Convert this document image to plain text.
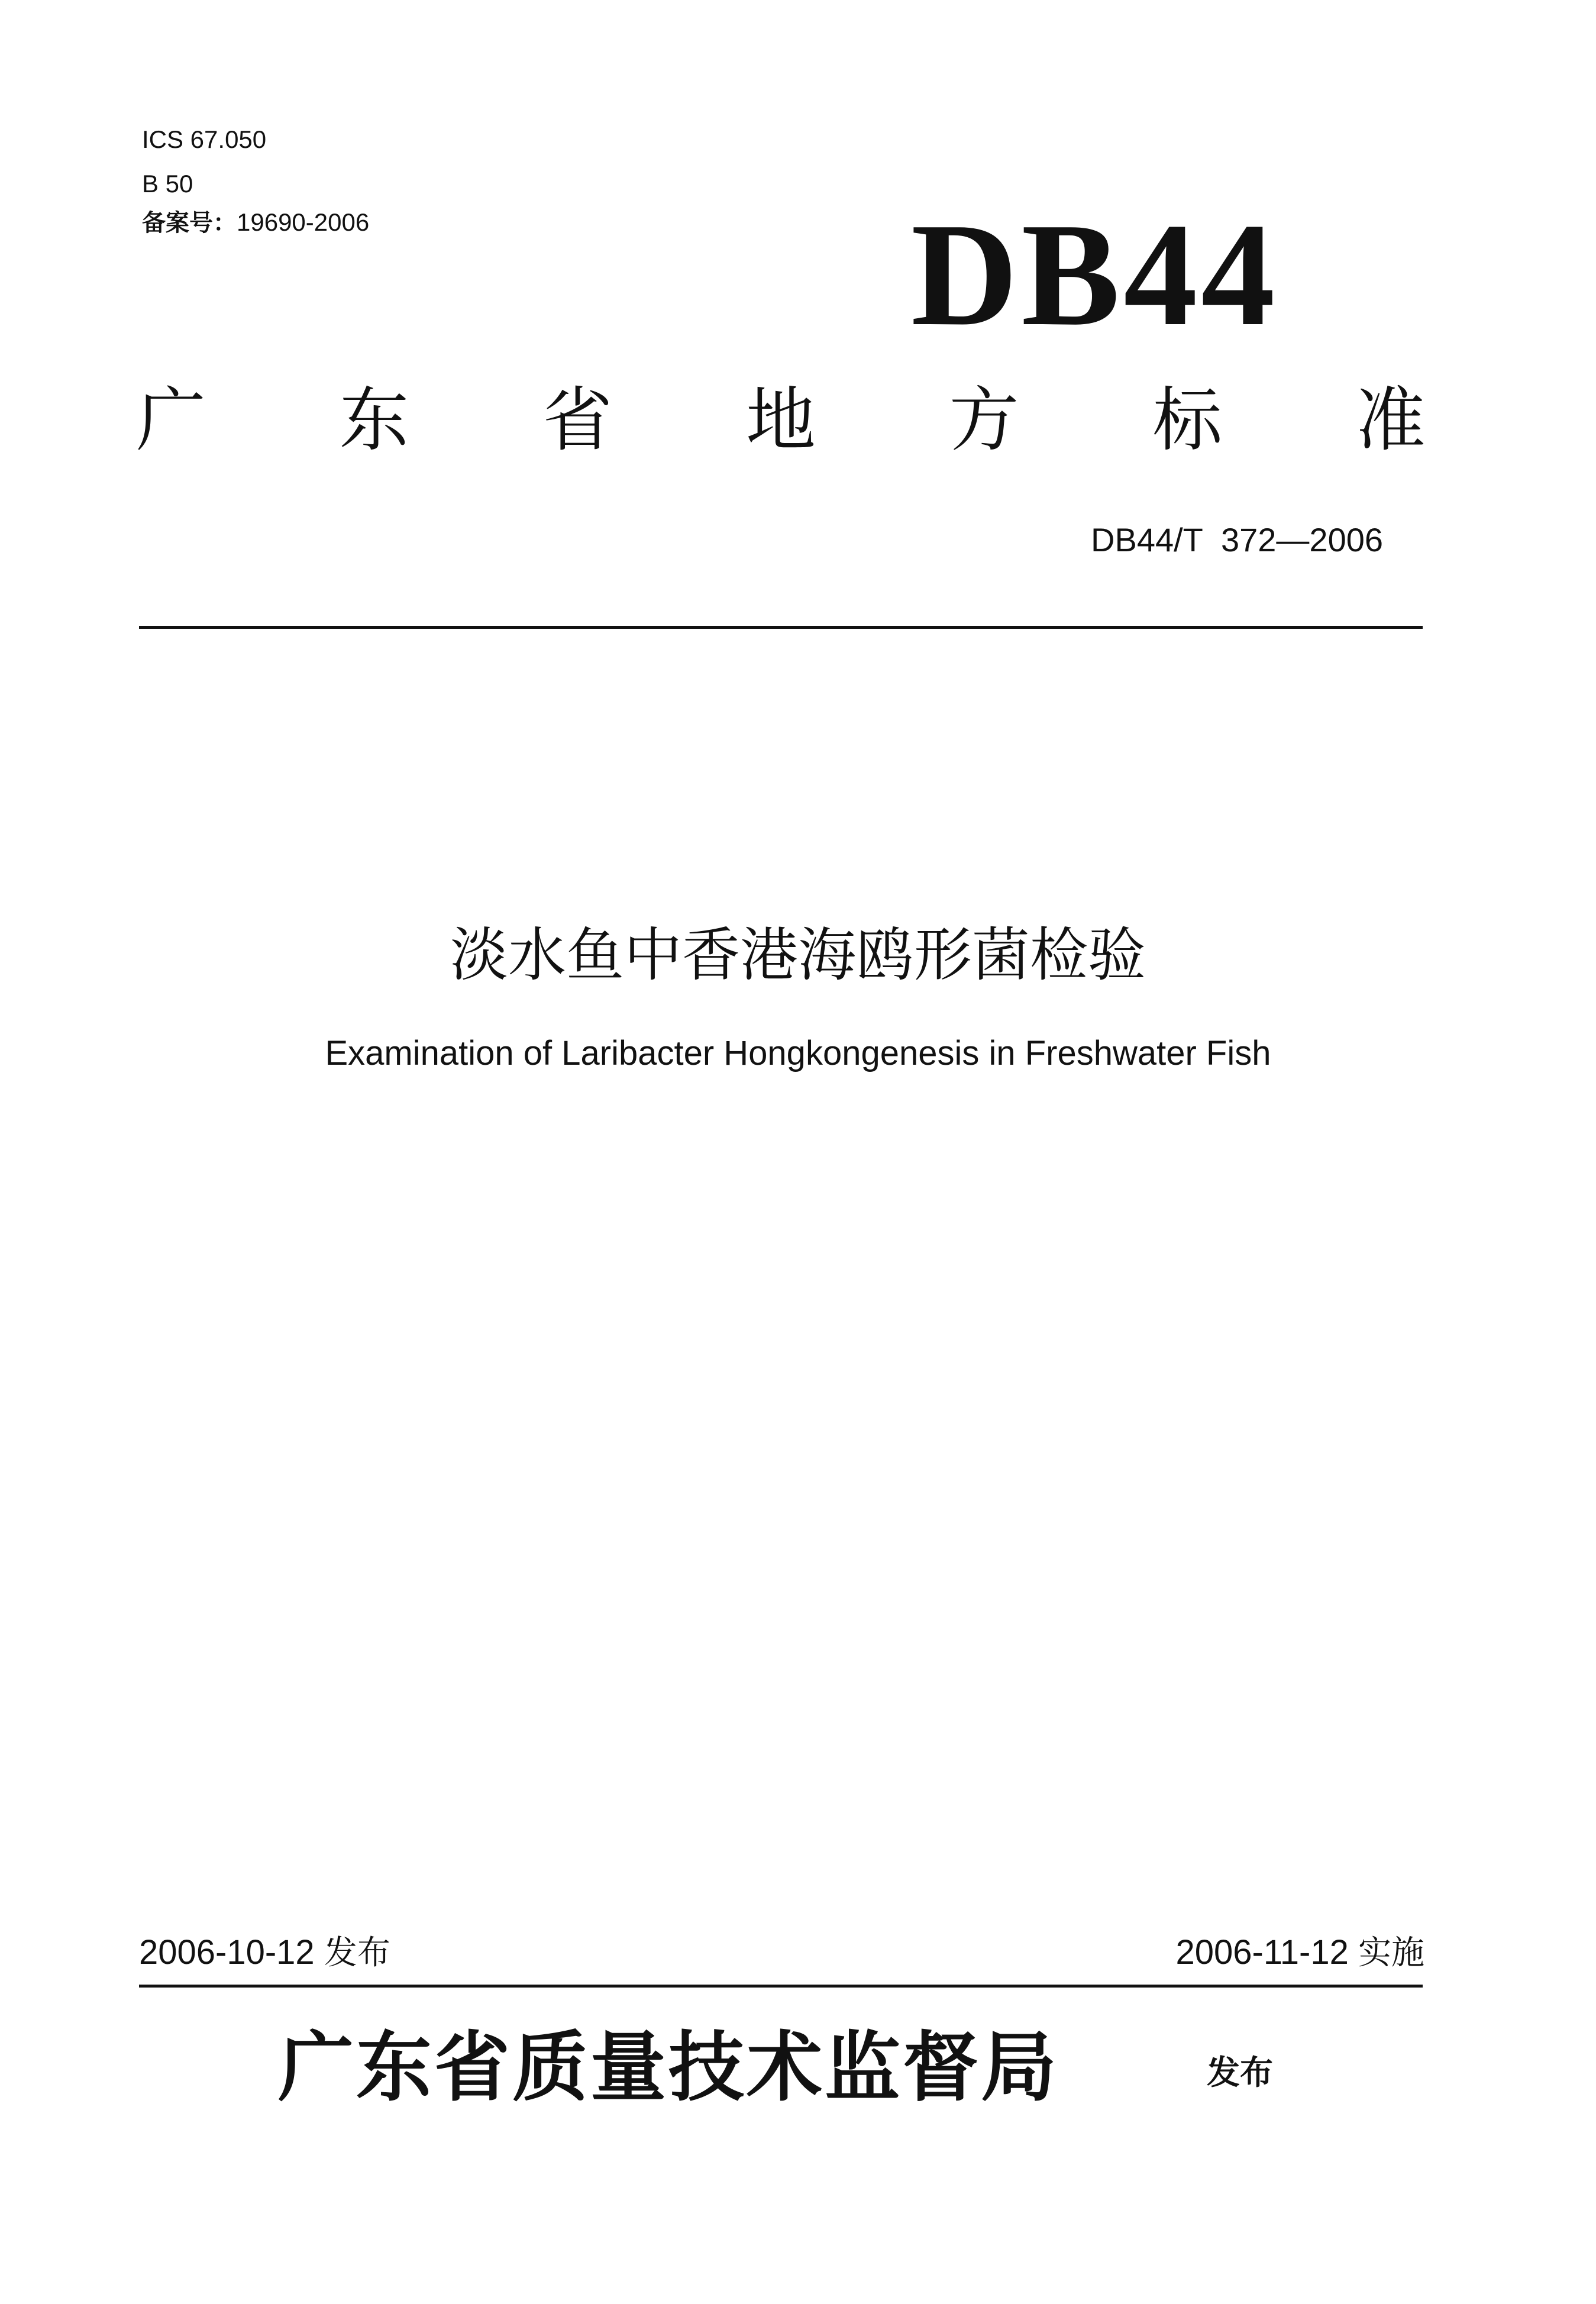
ICS 67.050
B 50
备案号：19690-2006	DB44
广 东 省 地 方 标 准
DB44/T  372—2006
淡水鱼中香港海鸥形菌检验
Examination of Laribacter Hongkongenesis in Freshwater Fish
2006-10-12 发布	2006-11-12 实施
广东省质量技术监督局	发布
